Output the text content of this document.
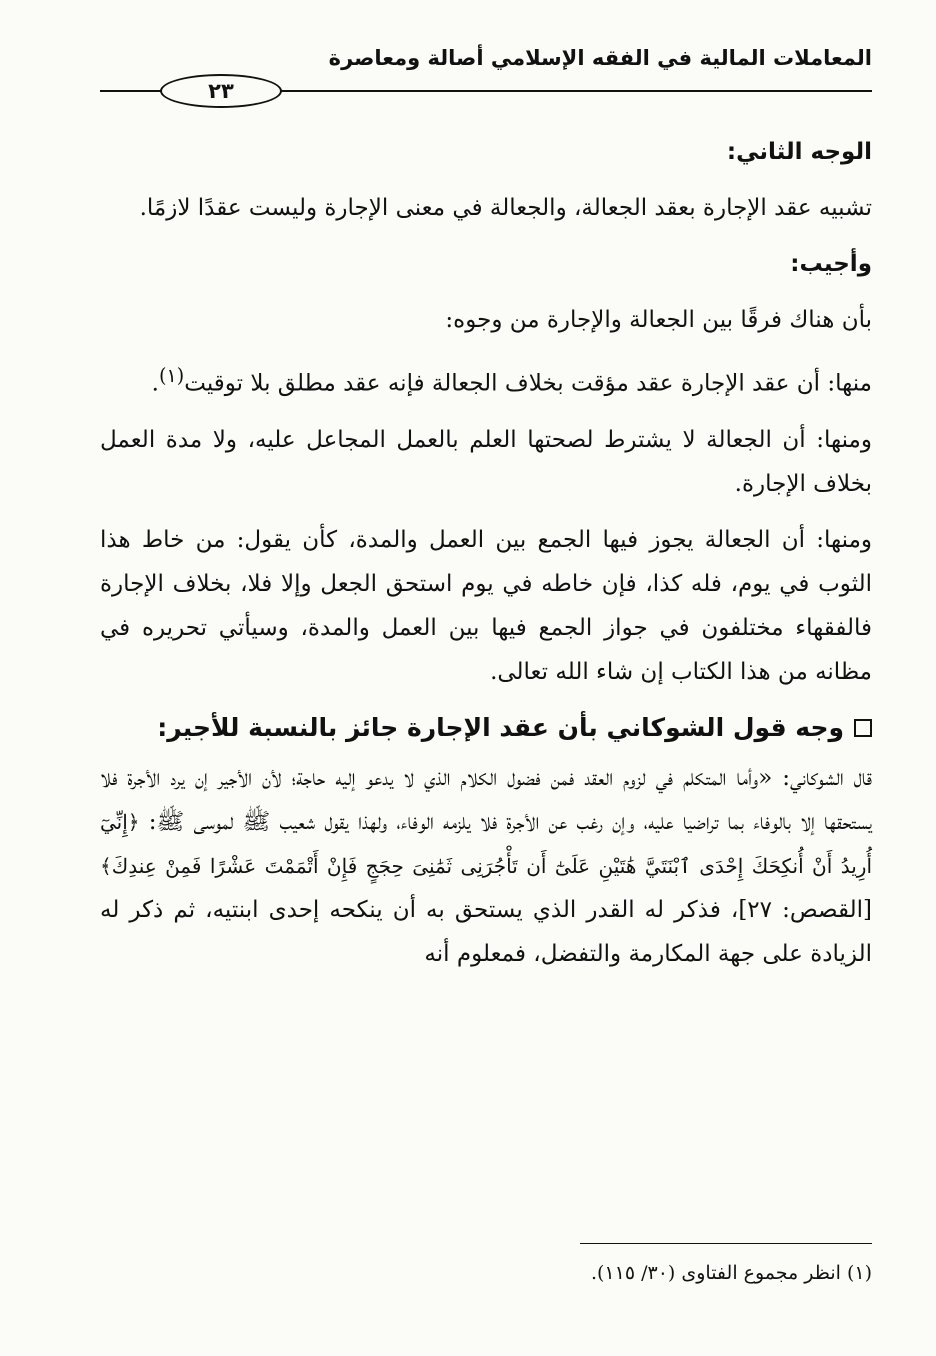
المعاملات المالية في الفقه الإسلامي أصالة ومعاصرة
٢٣

الوجه الثاني:

تشبيه عقد الإجارة بعقد الجعالة، والجعالة في معنى الإجارة وليست عقدًا لازمًا.

وأجيب:

بأن هناك فرقًا بين الجعالة والإجارة من وجوه:

منها: أن عقد الإجارة عقد مؤقت بخلاف الجعالة فإنه عقد مطلق بلا توقيت$^{(١)}$.

ومنها: أن الجعالة لا يشترط لصحتها العلم بالعمل المجاعل عليه، ولا مدة العمل بخلاف الإجارة.

ومنها: أن الجعالة يجوز فيها الجمع بين العمل والمدة، كأن يقول: من خاط هذا الثوب في يوم، فله كذا، فإن خاطه في يوم استحق الجعل وإلا فلا، بخلاف الإجارة فالفقهاء مختلفون في جواز الجمع فيها بين العمل والمدة، وسيأتي تحريره في مظانه من هذا الكتاب إن شاء الله تعالى.

وجه قول الشوكاني بأن عقد الإجارة جائز بالنسبة للأجير:

قال الشوكاني: «وأما المتكلم في لزوم العقد فمن فضول الكلام الذي لا يدعو إليه حاجة؛ لأن الأجير إن يرد الأجرة فلا يستحقها إلا بالوفاء بما تراضيا عليه، وإن رغب عن الأجرة فلا يلزمه الوفاء، ولهذا يقول شعيب ﷺ لموسى ﷺ: ﴿إِنِّيٓ أُرِيدُ أَنْ أُنكِحَكَ إِحْدَى ٱبْنَتَيَّ هَٰتَيْنِ عَلَىٰٓ أَن تَأْجُرَنِى ثَمَٰنِىَ حِجَجٍ فَإِنْ أَتْمَمْتَ عَشْرًا فَمِنْ عِندِكَ﴾ [القصص: ٢٧]، فذكر له القدر الذي يستحق به أن ينكحه إحدى ابنتيه، ثم ذكر له الزيادة على جهة المكارمة والتفضل، فمعلوم أنه

(١) انظر مجموع الفتاوى (٣٠/ ١١٥).
